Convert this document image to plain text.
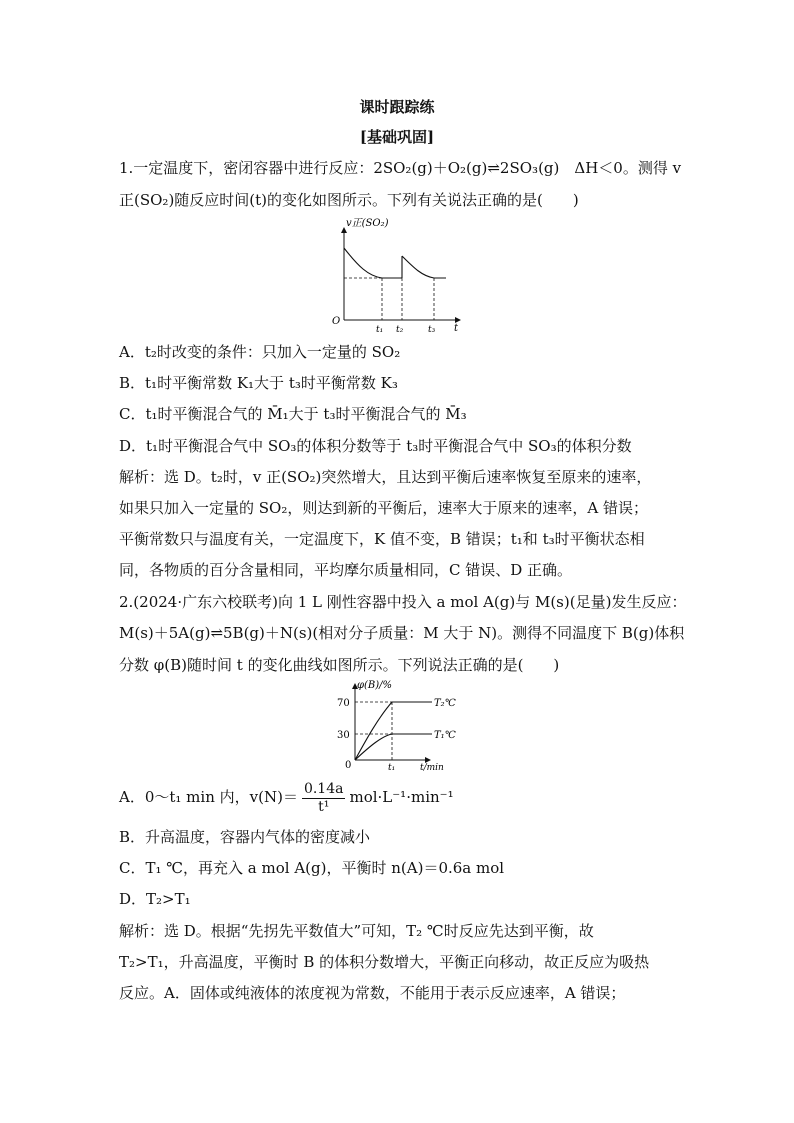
课时跟踪练
[基础巩固]
1.一定温度下，密闭容器中进行反应：2SO₂(g)＋O₂(g)⇌2SO₃(g)　ΔH＜0。测得 v
正(SO₂)随反应时间(t)的变化如图所示。下列有关说法正确的是(　　)
v正(SO₂)
O
t
t₁ t₂	t₃
A．t₂时改变的条件：只加入一定量的 SO₂
B．t₁时平衡常数 K₁大于 t₃时平衡常数 K₃
C．t₁时平衡混合气的 M̄₁大于 t₃时平衡混合气的 M̄₃
D．t₁时平衡混合气中 SO₃的体积分数等于 t₃时平衡混合气中 SO₃的体积分数
解析：选 D。t₂时，v 正(SO₂)突然增大，且达到平衡后速率恢复至原来的速率，
如果只加入一定量的 SO₂，则达到新的平衡后，速率大于原来的速率，A 错误；
平衡常数只与温度有关，一定温度下，K 值不变，B 错误；t₁和 t₃时平衡状态相
同，各物质的百分含量相同，平均摩尔质量相同，C 错误、D 正确。
2.(2024·广东六校联考)向 1 L 刚性容器中投入 a mol A(g)与 M(s)(足量)发生反应：
M(s)＋5A(g)⇌5B(g)＋N(s)(相对分子质量：M 大于 N)。测得不同温度下 B(g)体积
分数 φ(B)随时间 t 的变化曲线如图所示。下列说法正确的是(　　)
φ(B)/%
70
30
0	t₁	t/min
T₂℃
T₁℃
A．0～t₁ min 内，$v(N)= \frac{0.14a}{\text{t¹}} mol\cdot L^{-1}\cdot\min^{-1}$
B．升高温度，容器内气体的密度减小
C．T₁ ℃，再充入 a mol A(g)，平衡时 n(A)＝0.6a mol
D．T₂>T₁
解析：选 D。根据“先拐先平数值大”可知，T₂ ℃时反应先达到平衡，故
T₂>T₁，升高温度，平衡时 B 的体积分数增大，平衡正向移动，故正反应为吸热
反应。A．固体或纯液体的浓度视为常数，不能用于表示反应速率，A 错误；
